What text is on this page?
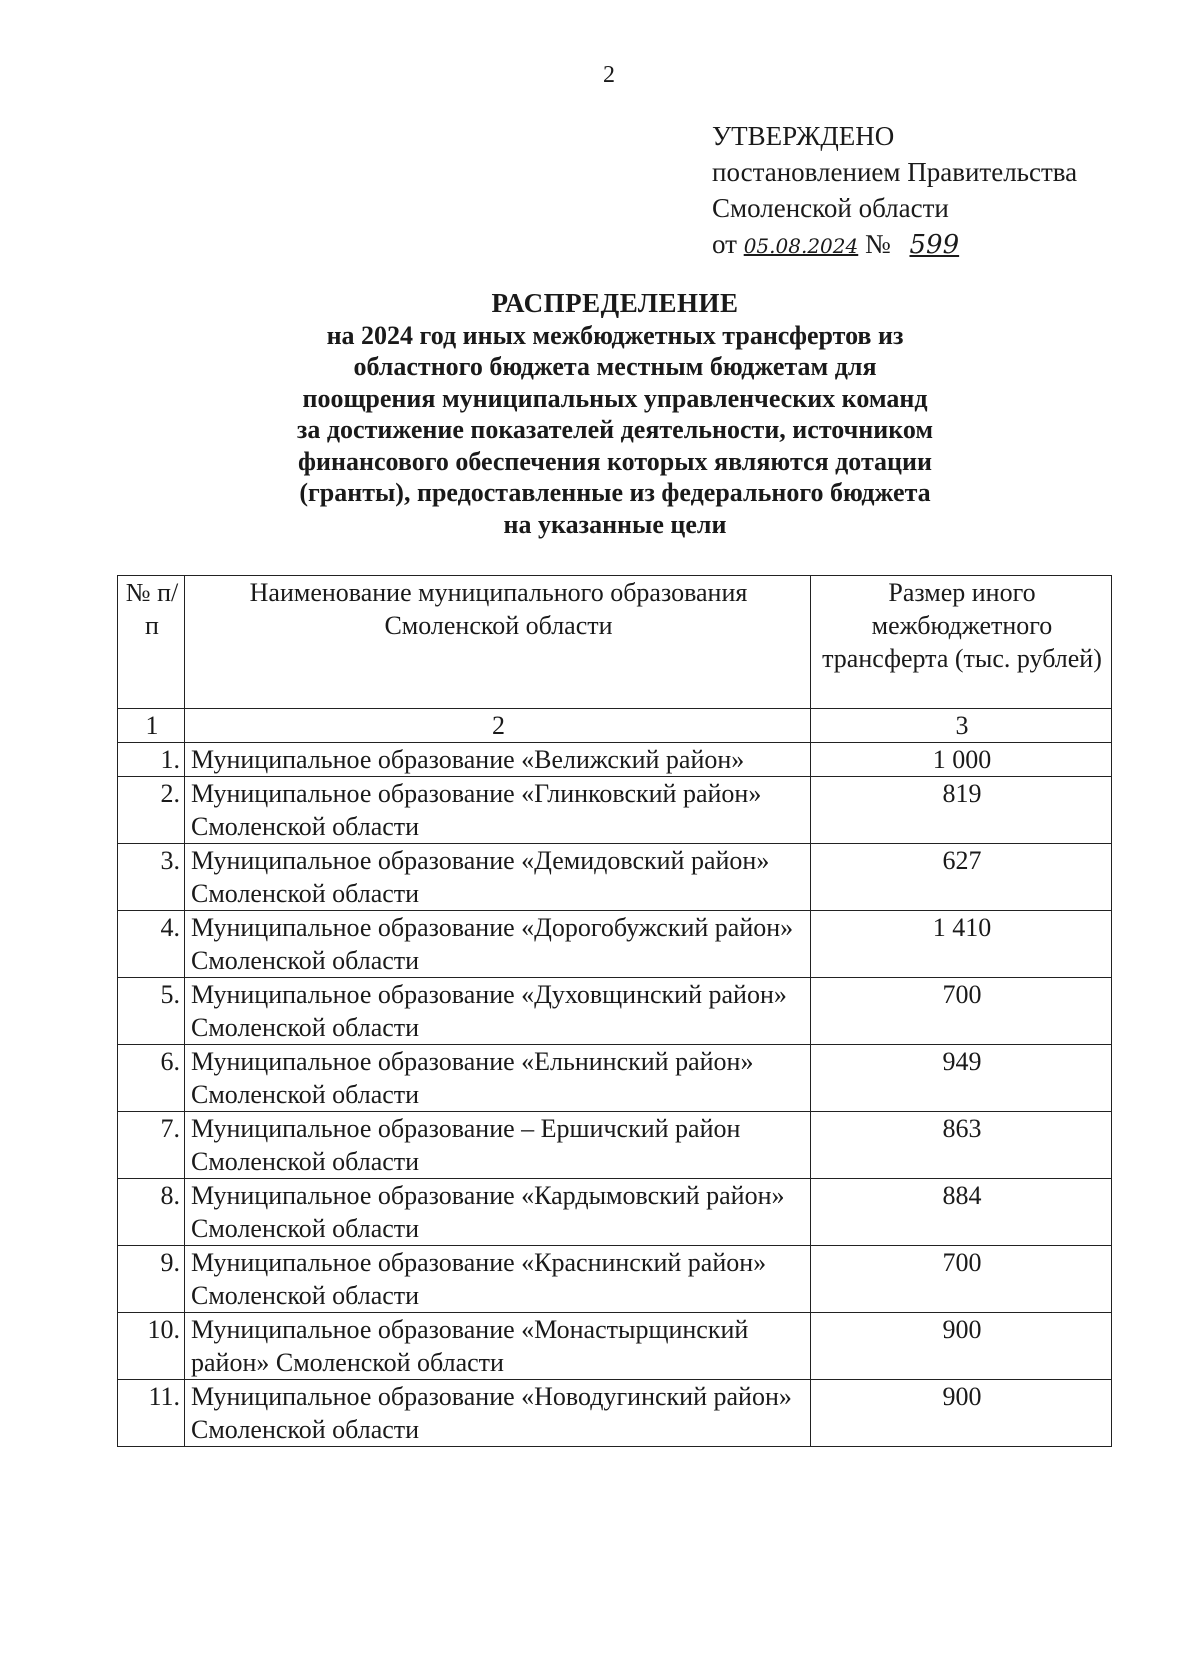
2
УТВЕРЖДЕНО
постановлением Правительства
Смоленской области
от 05.08.2024 № 599
РАСПРЕДЕЛЕНИЕ
на 2024 год иных межбюджетных трансфертов из
областного бюджета местным бюджетам для
поощрения муниципальных управленческих команд
за достижение показателей деятельности, источником
финансового обеспечения которых являются дотации
(гранты), предоставленные из федерального бюджета
на указанные цели
№ п/п	Наименование муниципального образования Смоленской области	Размер иного межбюджетного трансферта (тыс. рублей)
1	2	3
1.	Муниципальное образование «Велижский район»	1 000
2.	Муниципальное образование «Глинковский район» Смоленской области	819
3.	Муниципальное образование «Демидовский район» Смоленской области	627
4.	Муниципальное образование «Дорогобужский район» Смоленской области	1 410
5.	Муниципальное образование «Духовщинский район» Смоленской области	700
6.	Муниципальное образование «Ельнинский район» Смоленской области	949
7.	Муниципальное образование – Ершичский район Смоленской области	863
8.	Муниципальное образование «Кардымовский район» Смоленской области	884
9.	Муниципальное образование «Краснинский район» Смоленской области	700
10.	Муниципальное образование «Монастырщинский район» Смоленской области	900
11.	Муниципальное образование «Новодугинский район» Смоленской области	900
